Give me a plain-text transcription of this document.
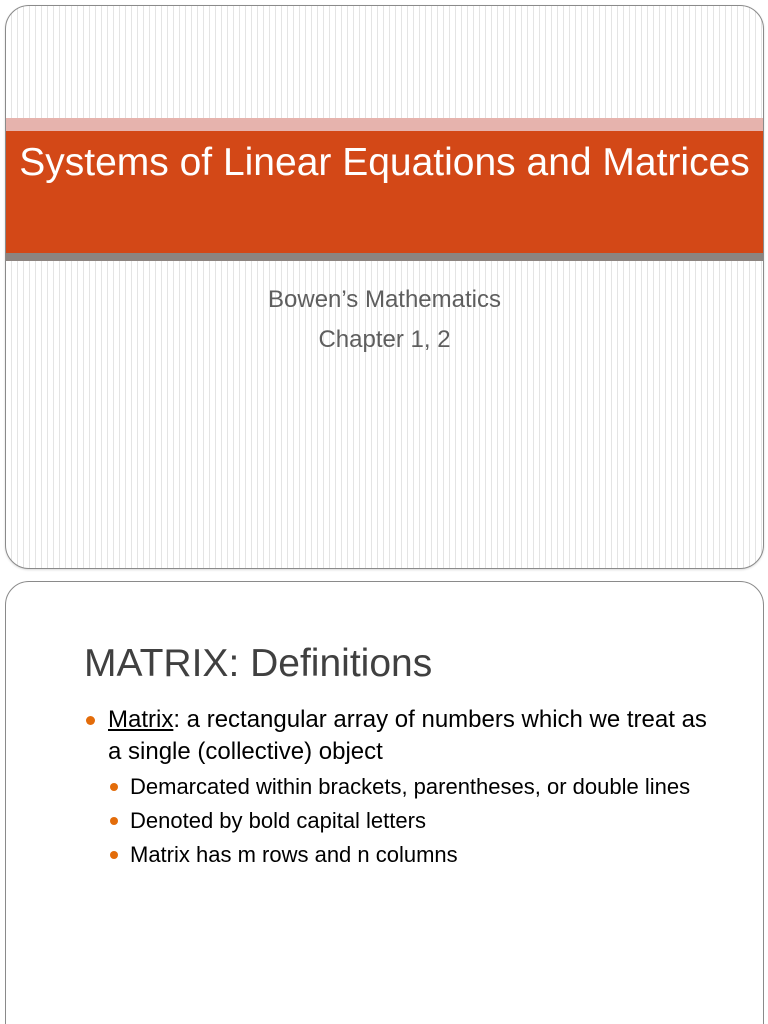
Systems of Linear Equations and Matrices
Bowen’s Mathematics
Chapter 1, 2
MATRIX: Definitions
Matrix: a rectangular array of numbers which we treat as a single (collective) object
Demarcated within brackets, parentheses, or double lines
Denoted by bold capital letters
Matrix has m rows and n columns
